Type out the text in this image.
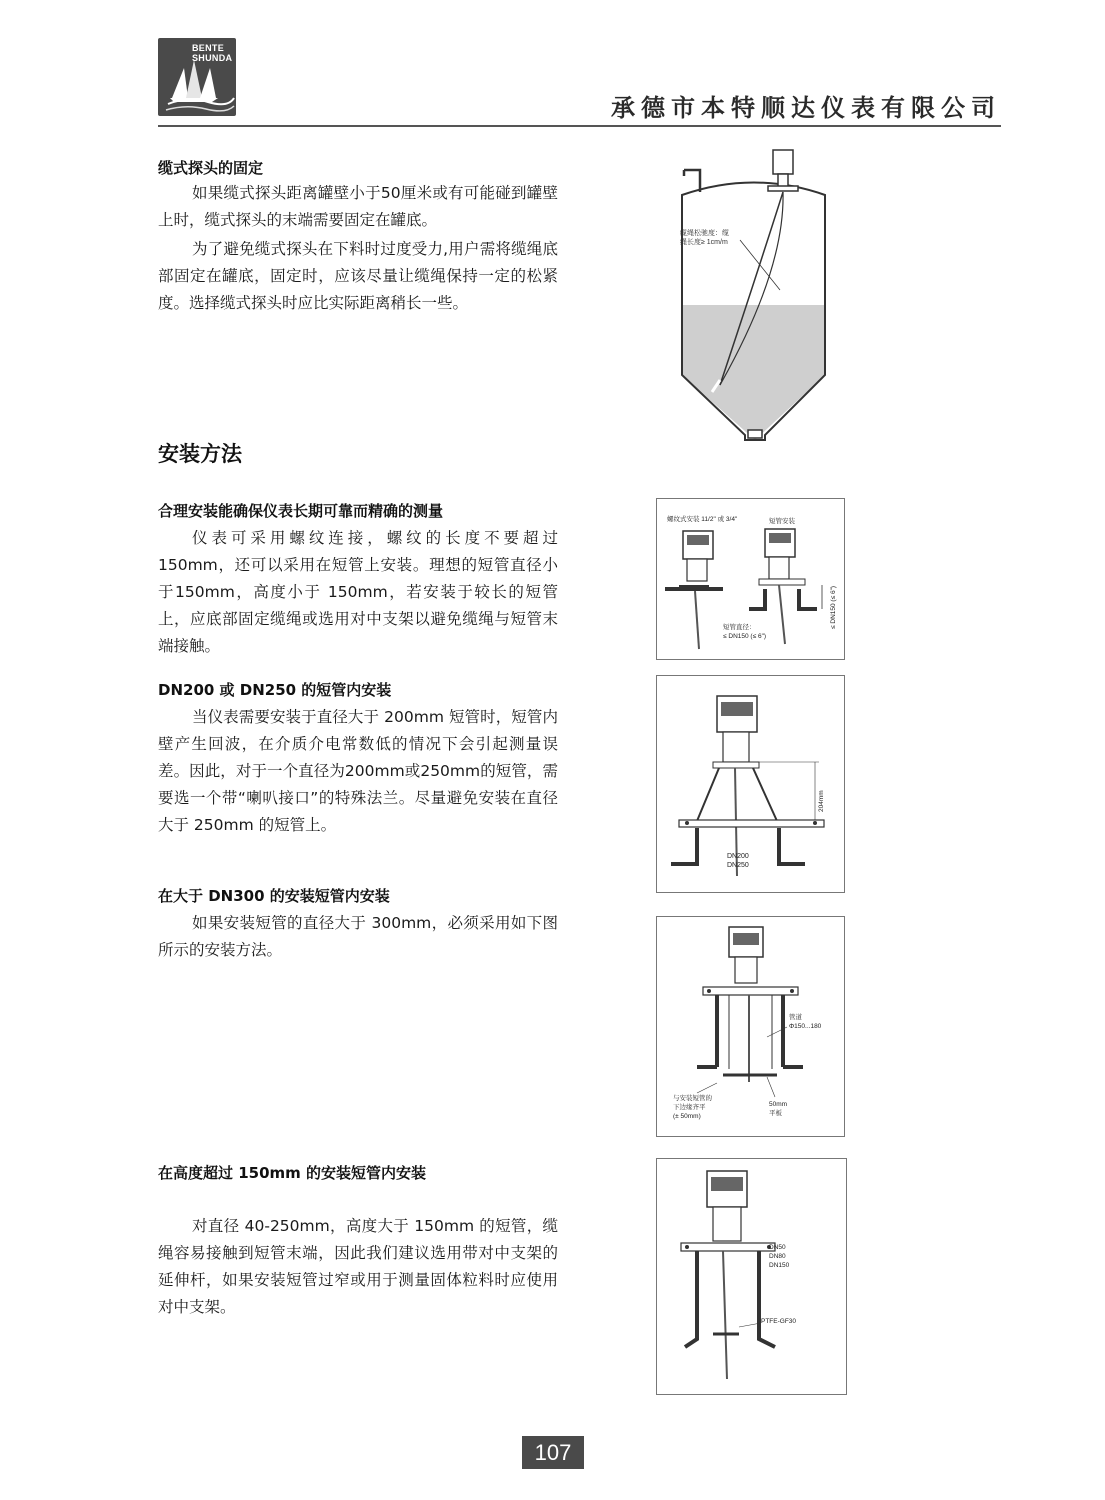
BENTE
SHUNDA
承德市本特顺达仪表有限公司
缆式探头的固定
如果缆式探头距离罐壁小于50厘米或有可能碰到罐壁上时，缆式探头的末端需要固定在罐底。
为了避免缆式探头在下料时过度受力,用户需将缆绳底部固定在罐底，固定时，应该尽量让缆绳保持一定的松紧度。选择缆式探头时应比实际距离稍长一些。
缆绳松驰度：缆
绳长度≥ 1cm/m
安装方法
合理安装能确保仪表长期可靠而精确的测量
仪表可采用螺纹连接，螺纹的长度不要超过150mm，还可以采用在短管上安装。理想的短管直径小于150mm，高度小于 150mm，若安装于较长的短管上，应底部固定缆绳或选用对中支架以避免缆绳与短管末端接触。
螺纹式安装 11/2" 或 3/4"	短管安装
短管直径：
≤ DN150 (≤ 6")
≤ DN150 (≤ 6")
DN200 或 DN250 的短管内安装
当仪表需要安装于直径大于 200mm 短管时，短管内壁产生回波，在介质介电常数低的情况下会引起测量误差。因此，对于一个直径为200mm或250mm的短管，需要选一个带“喇叭接口”的特殊法兰。尽量避免安装在直径大于 250mm 的短管上。
204mm
DN200
DN250
在大于 DN300 的安装短管内安装
如果安装短管的直径大于 300mm，必须采用如下图所示的安装方法。
管道
Φ150...180
与安装短管的
下边缘齐平
(± 50mm)
50mm
平板
在高度超过 150mm 的安装短管内安装
对直径 40-250mm，高度大于 150mm 的短管，缆绳容易接触到短管末端，因此我们建议选用带对中支架的延伸杆，如果安装短管过窄或用于测量固体粒料时应使用对中支架。
DN50
DN80
DN150
PTFE-GF30
107
